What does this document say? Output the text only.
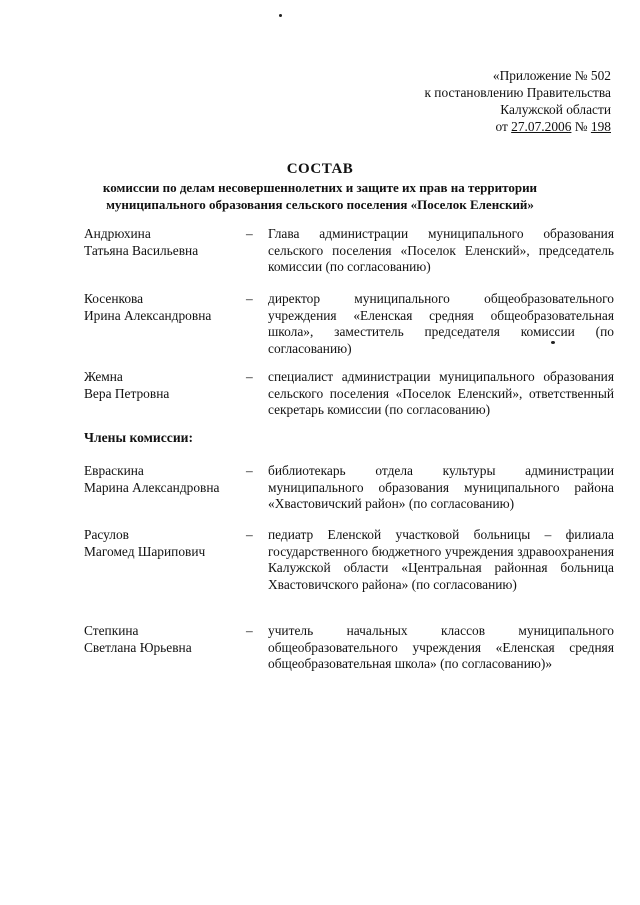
«Приложение № 502
к постановлению Правительства
Калужской области
от 27.07.2006 № 198
СОСТАВ
комиссии по делам несовершеннолетних и защите их прав на территории
муниципального образования сельского поселения «Поселок Еленский»
Андрюхина
Татьяна Васильевна
– Глава администрации муниципального образования сельского поселения «Поселок Еленский», председатель комиссии (по согласованию)
Косенкова
Ирина Александровна
– директор муниципального общеобразовательного учреждения «Еленская средняя общеобразовательная школа», заместитель председателя комиссии (по согласованию)
Жемна
Вера Петровна
– специалист администрации муниципального образования сельского поселения «Поселок Еленский», ответственный секретарь комиссии (по согласованию)
Члены комиссии:
Евраскина
Марина Александровна
– библиотекарь отдела культуры администрации муниципального образования муниципального района «Хвастовичский район» (по согласованию)
Расулов
Магомед Шарипович
– педиатр Еленской участковой больницы – филиала государственного бюджетного учреждения здравоохранения Калужской области «Центральная районная больница Хвастовичского района» (по согласованию)
Степкина
Светлана Юрьевна
– учитель начальных классов муниципального общеобразовательного учреждения «Еленская средняя общеобразовательная школа» (по согласованию)»
